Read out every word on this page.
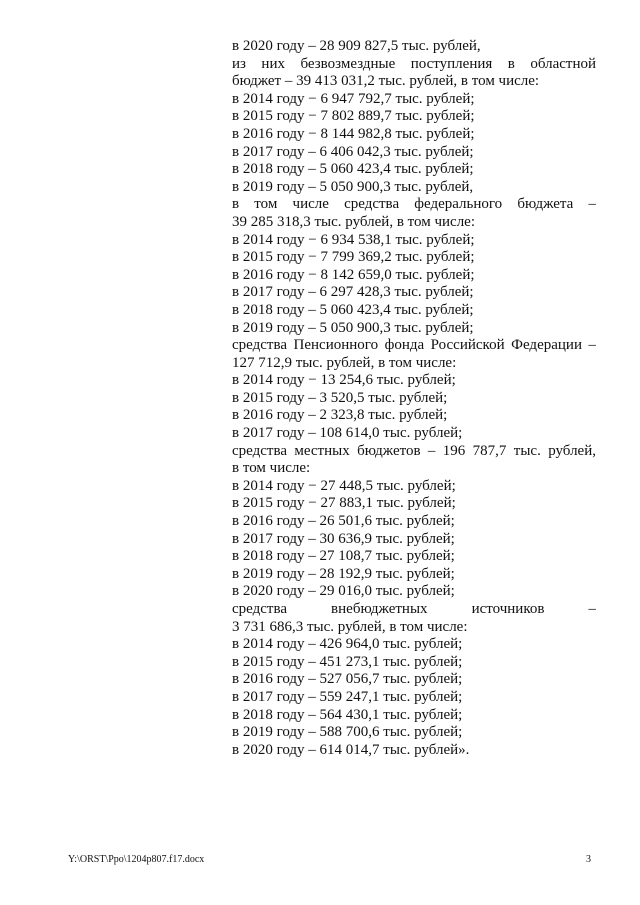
в 2020 году – 28 909 827,5 тыс. рублей,
из них безвозмездные поступления в областной
бюджет – 39 413 031,2 тыс. рублей, в том числе:
в 2014 году − 6 947 792,7 тыс. рублей;
в 2015 году − 7 802 889,7 тыс. рублей;
в 2016 году − 8 144 982,8 тыс. рублей;
в 2017 году – 6 406 042,3 тыс. рублей;
в 2018 году – 5 060 423,4 тыс. рублей;
в 2019 году – 5 050 900,3 тыс. рублей,
в том числе средства федерального бюджета –
39 285 318,3 тыс. рублей, в том числе:
в 2014 году − 6 934 538,1 тыс. рублей;
в 2015 году − 7 799 369,2 тыс. рублей;
в 2016 году − 8 142 659,0 тыс. рублей;
в 2017 году – 6 297 428,3 тыс. рублей;
в 2018 году – 5 060 423,4 тыс. рублей;
в 2019 году – 5 050 900,3 тыс. рублей;
средства Пенсионного фонда Российской Федерации –
127 712,9 тыс. рублей, в том числе:
в 2014 году − 13 254,6 тыс. рублей;
в 2015 году – 3 520,5 тыс. рублей;
в 2016 году – 2 323,8 тыс. рублей;
в 2017 году – 108 614,0 тыс. рублей;
средства местных бюджетов – 196 787,7 тыс. рублей,
в том числе:
в 2014 году − 27 448,5 тыс. рублей;
в 2015 году − 27 883,1 тыс. рублей;
в 2016 году – 26 501,6 тыс. рублей;
в 2017 году – 30 636,9 тыс. рублей;
в 2018 году – 27 108,7 тыс. рублей;
в 2019 году – 28 192,9 тыс. рублей;
в 2020 году – 29 016,0 тыс. рублей;
средства внебюджетных источников –
3 731 686,3 тыс. рублей, в том числе:
в 2014 году – 426 964,0 тыс. рублей;
в 2015 году – 451 273,1 тыс. рублей;
в 2016 году – 527 056,7 тыс. рублей;
в 2017 году – 559 247,1 тыс. рублей;
в 2018 году – 564 430,1 тыс. рублей;
в 2019 году – 588 700,6 тыс. рублей;
в 2020 году – 614 014,7 тыс. рублей».
Y:\ORST\Ppo\1204p807.f17.docx	3
